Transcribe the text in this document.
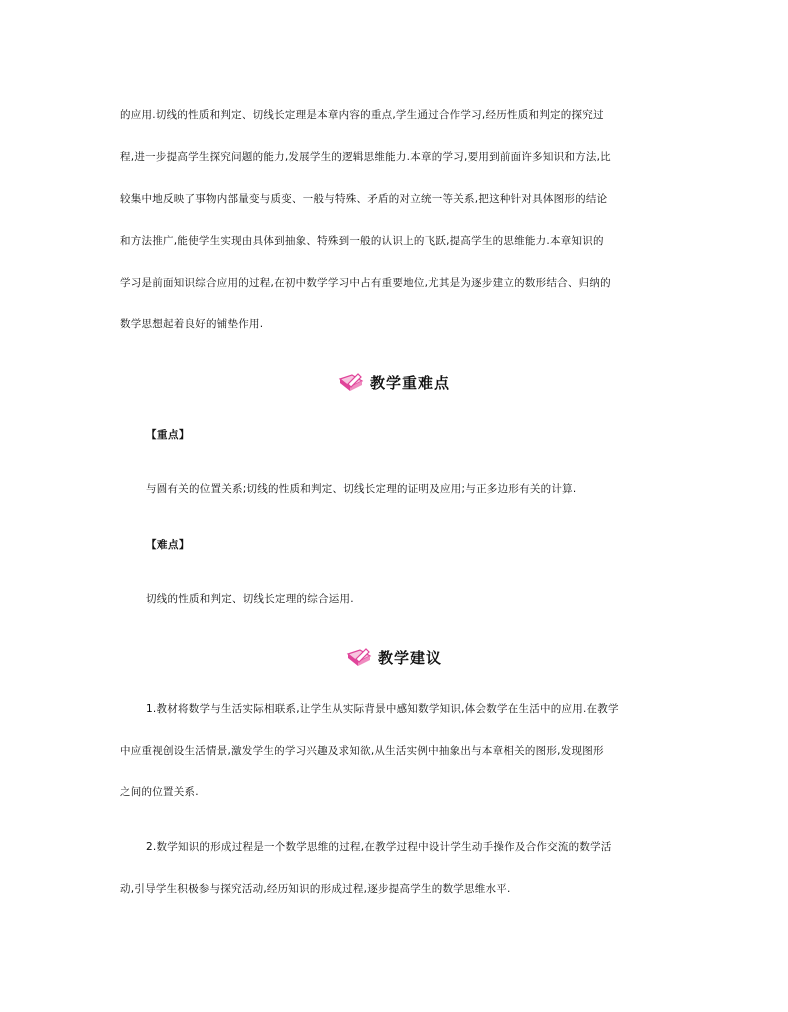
的应用.切线的性质和判定、切线长定理是本章内容的重点,学生通过合作学习,经历性质和判定的探究过
程,进一步提高学生探究问题的能力,发展学生的逻辑思维能力.本章的学习,要用到前面许多知识和方法,比
较集中地反映了事物内部量变与质变、一般与特殊、矛盾的对立统一等关系,把这种针对具体图形的结论
和方法推广,能使学生实现由具体到抽象、特殊到一般的认识上的飞跃,提高学生的思维能力.本章知识的
学习是前面知识综合应用的过程,在初中数学学习中占有重要地位,尤其是为逐步建立的数形结合、归纳的
数学思想起着良好的铺垫作用.
教学重难点
【重点】
与圆有关的位置关系;切线的性质和判定、切线长定理的证明及应用;与正多边形有关的计算.
【难点】
切线的性质和判定、切线长定理的综合运用.
教学建议
1.教材将数学与生活实际相联系,让学生从实际背景中感知数学知识,体会数学在生活中的应用.在教学
中应重视创设生活情景,激发学生的学习兴趣及求知欲,从生活实例中抽象出与本章相关的图形,发现图形
之间的位置关系.
2.数学知识的形成过程是一个数学思维的过程,在教学过程中设计学生动手操作及合作交流的数学活
动,引导学生积极参与探究活动,经历知识的形成过程,逐步提高学生的数学思维水平.
